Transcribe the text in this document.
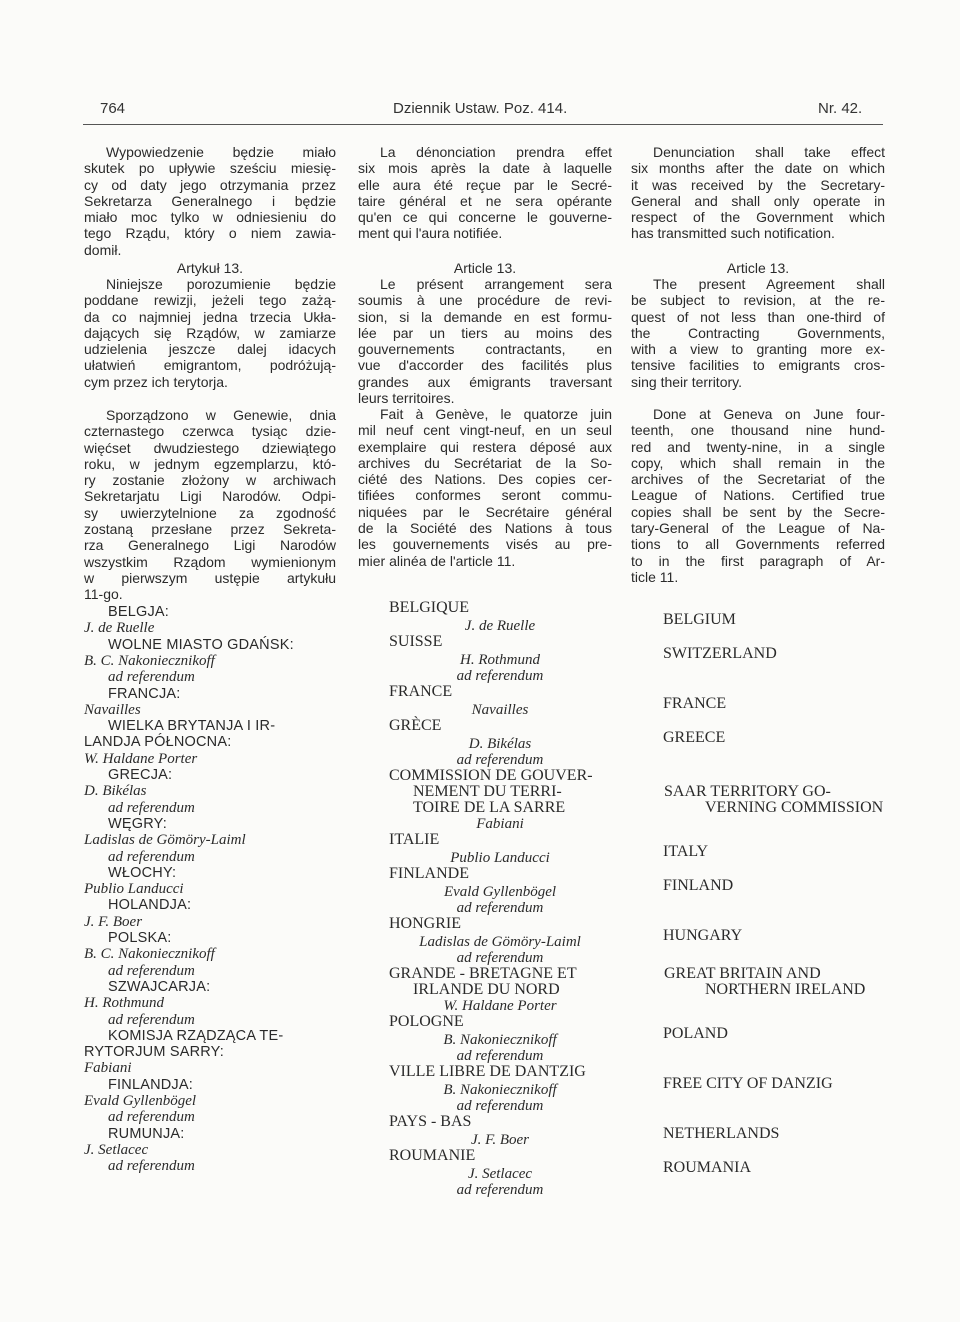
764	Dziennik Ustaw. Poz. 414.	Nr. 42.
Wypowiedzenie będzie miało
skutek po upływie sześciu miesię-
cy od daty jego otrzymania przez
Sekretarza Generalnego i będzie
miało moc tylko w odniesieniu do
tego Rządu, który o niem zawia-
domił.
Artykuł 13.
Niniejsze porozumienie będzie
poddane rewizji, jeżeli tego zażą-
da co najmniej jedna trzecia Ukła-
dających się Rządów, w zamiarze
udzielenia jeszcze dalej idacych
ułatwień emigrantom, podróżują-
cym przez ich terytorja.
Sporządzono w Genewie, dnia
czternastego czerwca tysiąc dzie-
więćset dwudziestego dziewiątego
roku, w jednym egzemplarzu, któ-
ry zostanie złożony w archiwach
Sekretarjatu Ligi Narodów. Odpi-
sy uwierzytelnione za zgodność
zostaną przesłane przez Sekreta-
rza Generalnego Ligi Narodów
wszystkim Rządom wymienionym
w pierwszym ustępie artykułu
11-go.
BELGJA:
J. de Ruelle
WOLNE MIASTO GDAŃSK:
B. C. Nakoniecznikoff
ad referendum
FRANCJA:
Navailles
WIELKA BRYTANJA I IR-
LANDJA PÓŁNOCNA:
W. Haldane Porter
GRECJA:
D. Bikélas
ad referendum
WĘGRY:
Ladislas de Gömöry-Laiml
ad referendum
WŁOCHY:
Publio Landucci
HOLANDJA:
J. F. Boer
POLSKA:
B. C. Nakoniecznikoff
ad referendum
SZWAJCARJA:
H. Rothmund
ad referendum
KOMISJA RZĄDZĄCA TE-
RYTORJUM SARRY:
Fabiani
FINLANDJA:
Evald Gyllenbögel
ad referendum
RUMUNJA:
J. Setlacec
ad referendum
La dénonciation prendra effet
six mois après la date à laquelle
elle aura été reçue par le Secré-
taire général et ne sera opérante
qu'en ce qui concerne le gouverne-
ment qui l'aura notifiée.
Article 13.
Le présent arrangement sera
soumis à une procédure de revi-
sion, si la demande en est formu-
lée par un tiers au moins des
gouvernements contractants, en
vue d'accorder des facilités plus
grandes aux émigrants traversant
leurs territoires.
Fait à Genève, le quatorze juin
mil neuf cent vingt-neuf, en un seul
exemplaire qui restera déposé aux
archives du Secrétariat de la So-
ciété des Nations. Des copies cer-
tifiées conformes seront commu-
niquées par le Secrétaire général
de la Société des Nations à tous
les gouvernements visés au pre-
mier alinéa de l'article 11.
Denunciation shall take effect
six months after the date on which
it was received by the Secretary-
General and shall only operate in
respect of the Government which
has transmitted such notification.
Article 13.
The present Agreement shall
be subject to revision, at the re-
quest of not less than one-third of
the Contracting Governments,
with a view to granting more ex-
tensive facilities to emigrants cros-
sing their territory.
Done at Geneva on June four-
teenth, one thousand nine hund-
red and twenty-nine, in a single
copy, which shall remain in the
archives of the Secretariat of the
League of Nations. Certified true
copies shall be sent by the Secre-
tary-General of the League of Na-
tions to all Governments referred
to in the first paragraph of Ar-
ticle 11.
BELGIQUE
BELGIUM
J. de Ruelle
SUISSE
SWITZERLAND
H. Rothmund
ad referendum
FRANCE
FRANCE
Navailles
GRÈCE
GREECE
D. Bikélas
ad referendum
COMMISSION DE GOUVER-
NEMENT DU TERRI-
TOIRE DE LA SARRE
SAAR TERRITORY GO-
VERNING COMMISSION
Fabiani
ITALIE
ITALY
Publio Landucci
FINLANDE
FINLAND
Evald Gyllenbögel
ad referendum
HONGRIE
HUNGARY
Ladislas de Gömöry-Laiml
ad referendum
GRANDE - BRETAGNE ET
IRLANDE DU NORD
GREAT BRITAIN AND
NORTHERN IRELAND
W. Haldane Porter
POLOGNE
POLAND
B. Nakoniecznikoff
ad referendum
VILLE LIBRE DE DANTZIG
FREE CITY OF DANZIG
B. Nakoniecznikoff
ad referendum
PAYS - BAS
NETHERLANDS
J. F. Boer
ROUMANIE
ROUMANIA
J. Setlacec
ad referendum
